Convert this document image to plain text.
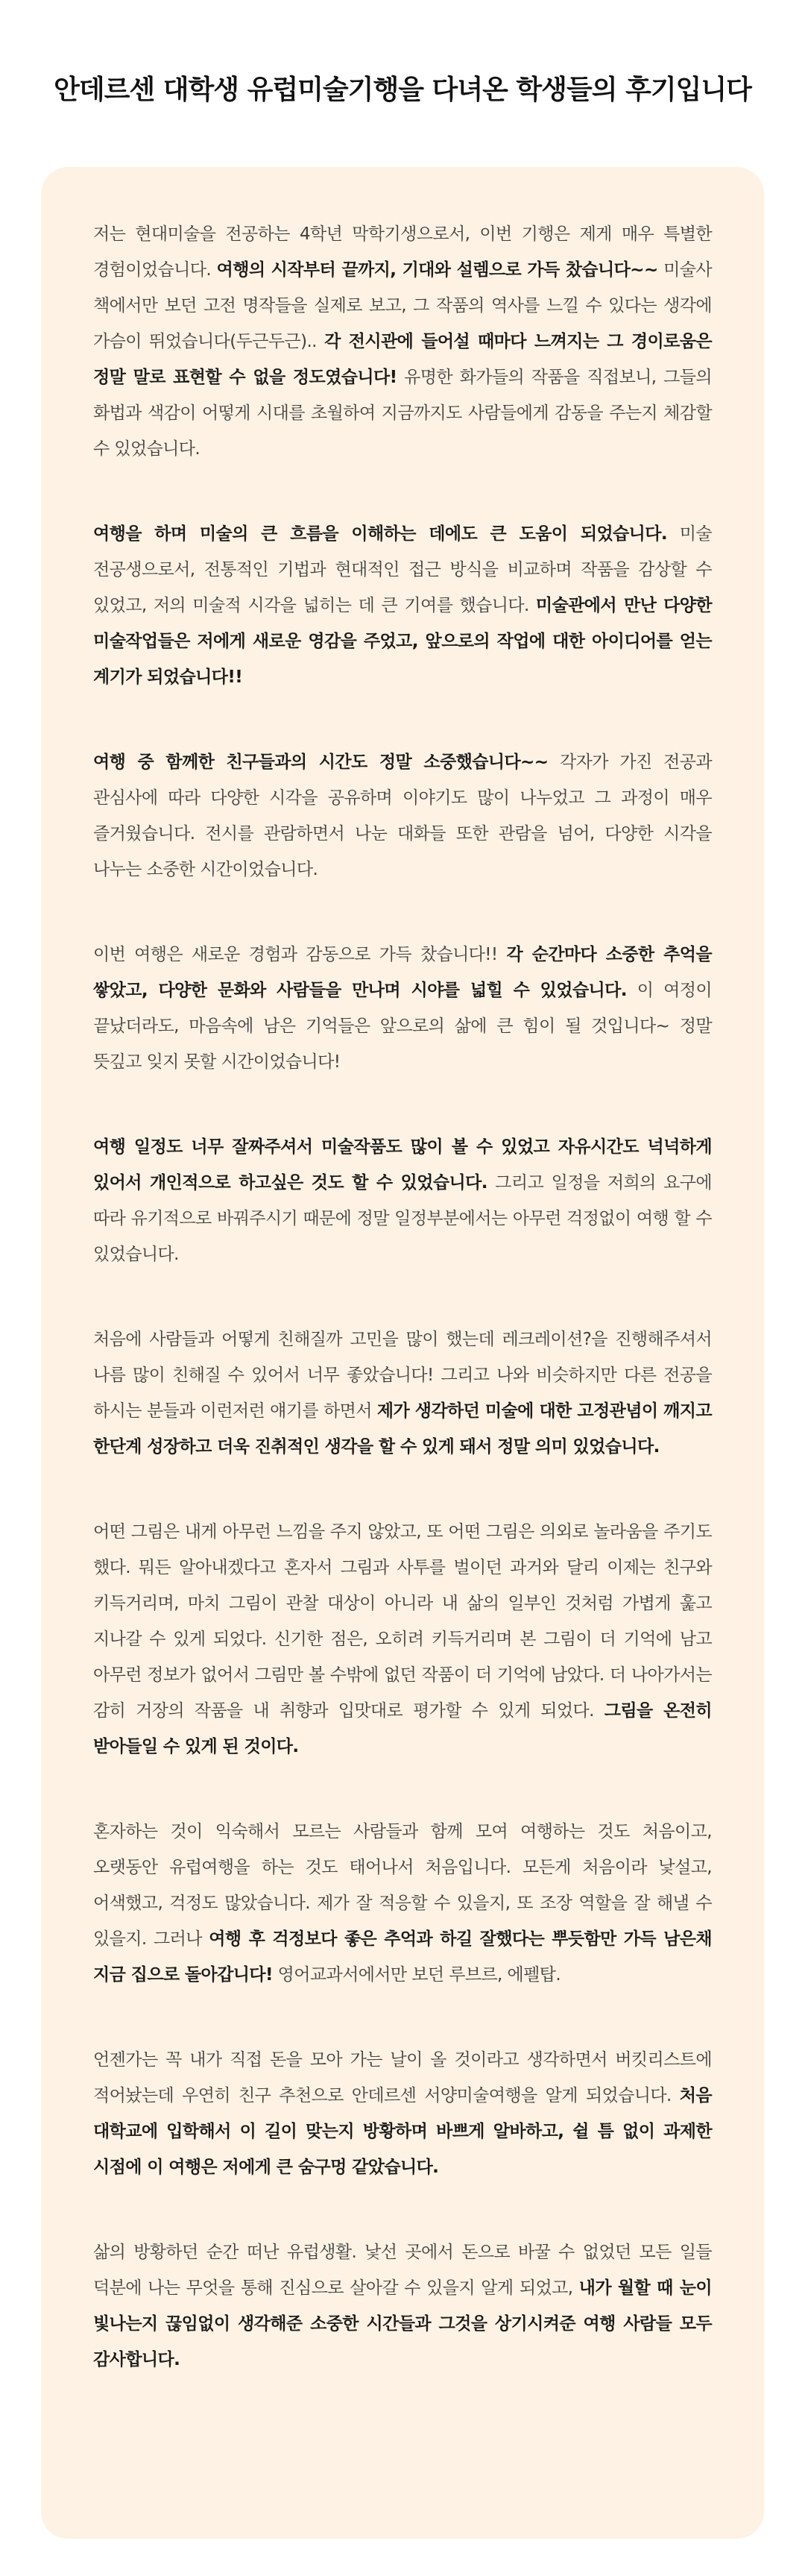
안데르센 대학생 유럽미술기행을 다녀온 학생들의 후기입니다

저는 현대미술을 전공하는 4학년 막학기생으로서, 이번 기행은 제게 매우 특별한 경험이었습니다. 여행의 시작부터 끝까지, 기대와 설렘으로 가득 찼습니다~~ 미술사 책에서만 보던 고전 명작들을 실제로 보고, 그 작품의 역사를 느낄 수 있다는 생각에 가슴이 뛰었습니다(두근두근).. 각 전시관에 들어설 때마다 느껴지는 그 경이로움은 정말 말로 표현할 수 없을 정도였습니다! 유명한 화가들의 작품을 직접보니, 그들의 화법과 색감이 어떻게 시대를 초월하여 지금까지도 사람들에게 감동을 주는지 체감할 수 있었습니다.

여행을 하며 미술의 큰 흐름을 이해하는 데에도 큰 도움이 되었습니다. 미술 전공생으로서, 전통적인 기법과 현대적인 접근 방식을 비교하며 작품을 감상할 수 있었고, 저의 미술적 시각을 넓히는 데 큰 기여를 했습니다. 미술관에서 만난 다양한 미술작업들은 저에게 새로운 영감을 주었고, 앞으로의 작업에 대한 아이디어를 얻는 계기가 되었습니다!!

여행 중 함께한 친구들과의 시간도 정말 소중했습니다~~ 각자가 가진 전공과 관심사에 따라 다양한 시각을 공유하며 이야기도 많이 나누었고 그 과정이 매우 즐거웠습니다. 전시를 관람하면서 나눈 대화들 또한 관람을 넘어, 다양한 시각을 나누는 소중한 시간이었습니다.

이번 여행은 새로운 경험과 감동으로 가득 찼습니다!! 각 순간마다 소중한 추억을 쌓았고, 다양한 문화와 사람들을 만나며 시야를 넓힐 수 있었습니다. 이 여정이 끝났더라도, 마음속에 남은 기억들은 앞으로의 삶에 큰 힘이 될 것입니다~ 정말 뜻깊고 잊지 못할 시간이었습니다!

여행 일정도 너무 잘짜주셔서 미술작품도 많이 볼 수 있었고 자유시간도 넉넉하게 있어서 개인적으로 하고싶은 것도 할 수 있었습니다. 그리고 일정을 저희의 요구에 따라 유기적으로 바꿔주시기 때문에 정말 일정부분에서는 아무런 걱정없이 여행 할 수 있었습니다.

처음에 사람들과 어떻게 친해질까 고민을 많이 했는데 레크레이션?을 진행해주셔서 나름 많이 친해질 수 있어서 너무 좋았습니다! 그리고 나와 비슷하지만 다른 전공을 하시는 분들과 이런저런 얘기를 하면서 제가 생각하던 미술에 대한 고정관념이 깨지고 한단계 성장하고 더욱 진취적인 생각을 할 수 있게 돼서 정말 의미 있었습니다.

어떤 그림은 내게 아무런 느낌을 주지 않았고, 또 어떤 그림은 의외로 놀라움을 주기도 했다. 뭐든 알아내겠다고 혼자서 그림과 사투를 벌이던 과거와 달리 이제는 친구와 키득거리며, 마치 그림이 관찰 대상이 아니라 내 삶의 일부인 것처럼 가볍게 훑고 지나갈 수 있게 되었다. 신기한 점은, 오히려 키득거리며 본 그림이 더 기억에 남고 아무런 정보가 없어서 그림만 볼 수밖에 없던 작품이 더 기억에 남았다. 더 나아가서는 감히 거장의 작품을 내 취향과 입맛대로 평가할 수 있게 되었다. 그림을 온전히 받아들일 수 있게 된 것이다.

혼자하는 것이 익숙해서 모르는 사람들과 함께 모여 여행하는 것도 처음이고, 오랫동안 유럽여행을 하는 것도 태어나서 처음입니다. 모든게 처음이라 낯설고, 어색했고, 걱정도 많았습니다. 제가 잘 적응할 수 있을지, 또 조장 역할을 잘 해낼 수 있을지. 그러나 여행 후 걱정보다 좋은 추억과 하길 잘했다는 뿌듯함만 가득 남은채 지금 집으로 돌아갑니다! 영어교과서에서만 보던 루브르, 에펠탑.

언젠가는 꼭 내가 직접 돈을 모아 가는 날이 올 것이라고 생각하면서 버킷리스트에 적어놨는데 우연히 친구 추천으로 안데르센 서양미술여행을 알게 되었습니다. 처음 대학교에 입학해서 이 길이 맞는지 방황하며 바쁘게 알바하고, 쉴 틈 없이 과제한 시점에 이 여행은 저에게 큰 숨구멍 같았습니다.

삶의 방황하던 순간 떠난 유럽생활. 낯선 곳에서 돈으로 바꿀 수 없었던 모든 일들 덕분에 나는 무엇을 통해 진심으로 살아갈 수 있을지 알게 되었고, 내가 월할 때 눈이 빛나는지 끊임없이 생각해준 소중한 시간들과 그것을 상기시켜준 여행 사람들 모두 감사합니다.
